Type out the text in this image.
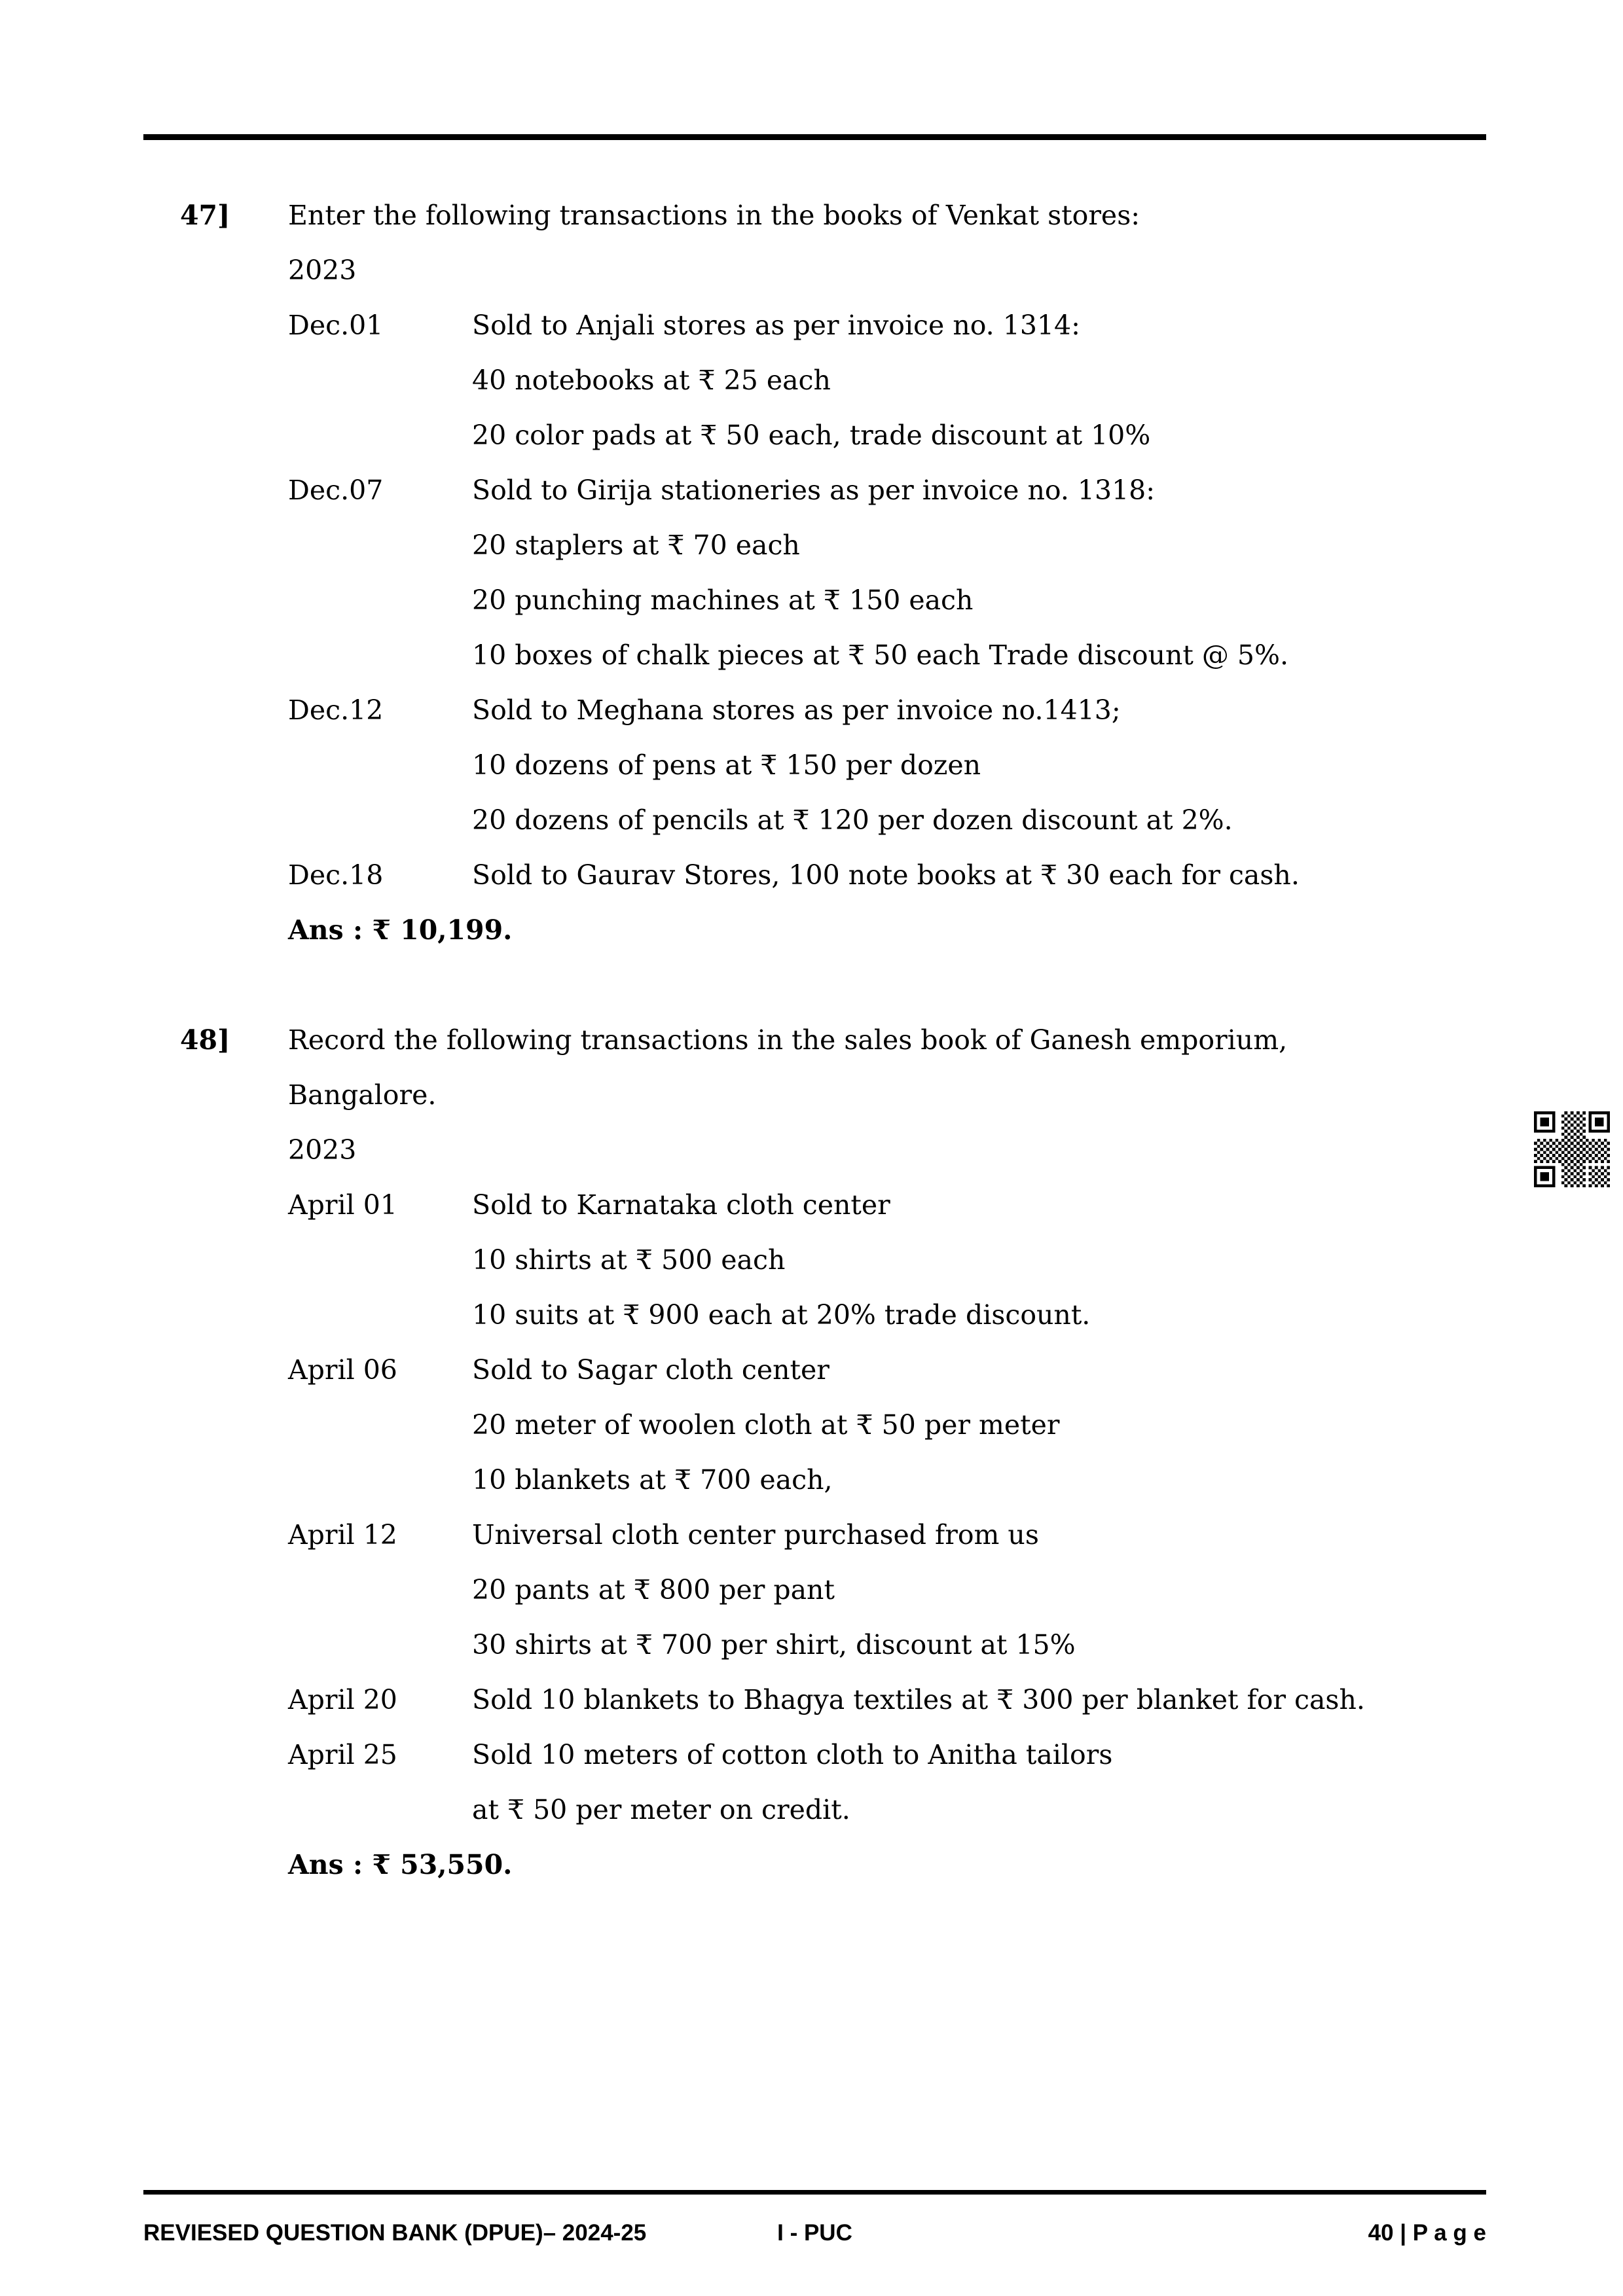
47]	Enter the following transactions in the books of Venkat stores:
2023
Dec.01	Sold to Anjali stores as per invoice no. 1314:
40 notebooks at ₹ 25 each
20 color pads at ₹ 50 each, trade discount at 10%
Dec.07	Sold to Girija stationeries as per invoice no. 1318:
20 staplers at ₹ 70 each
20 punching machines at ₹ 150 each
10 boxes of chalk pieces at ₹ 50 each Trade discount @ 5%.
Dec.12	Sold to Meghana stores as per invoice no.1413;
10 dozens of pens at ₹ 150 per dozen
20 dozens of pencils at ₹ 120 per dozen discount at 2%.
Dec.18	Sold to Gaurav Stores, 100 note books at ₹ 30 each for cash.
Ans : ₹ 10,199.
48]	Record the following transactions in the sales book of Ganesh emporium,
Bangalore.
2023
April 01	Sold to Karnataka cloth center
10 shirts at ₹ 500 each
10 suits at ₹ 900 each at 20% trade discount.
April 06	Sold to Sagar cloth center
20 meter of woolen cloth at ₹ 50 per meter
10 blankets at ₹ 700 each,
April 12	Universal cloth center purchased from us
20 pants at ₹ 800 per pant
30 shirts at ₹ 700 per shirt, discount at 15%
April 20	Sold 10 blankets to Bhagya textiles at ₹ 300 per blanket for cash.
April 25	Sold 10 meters of cotton cloth to Anitha tailors
at ₹ 50 per meter on credit.
Ans : ₹ 53,550.
I - PUC
REVIESED QUESTION BANK (DPUE)– 2024-25	40 | P a g e
